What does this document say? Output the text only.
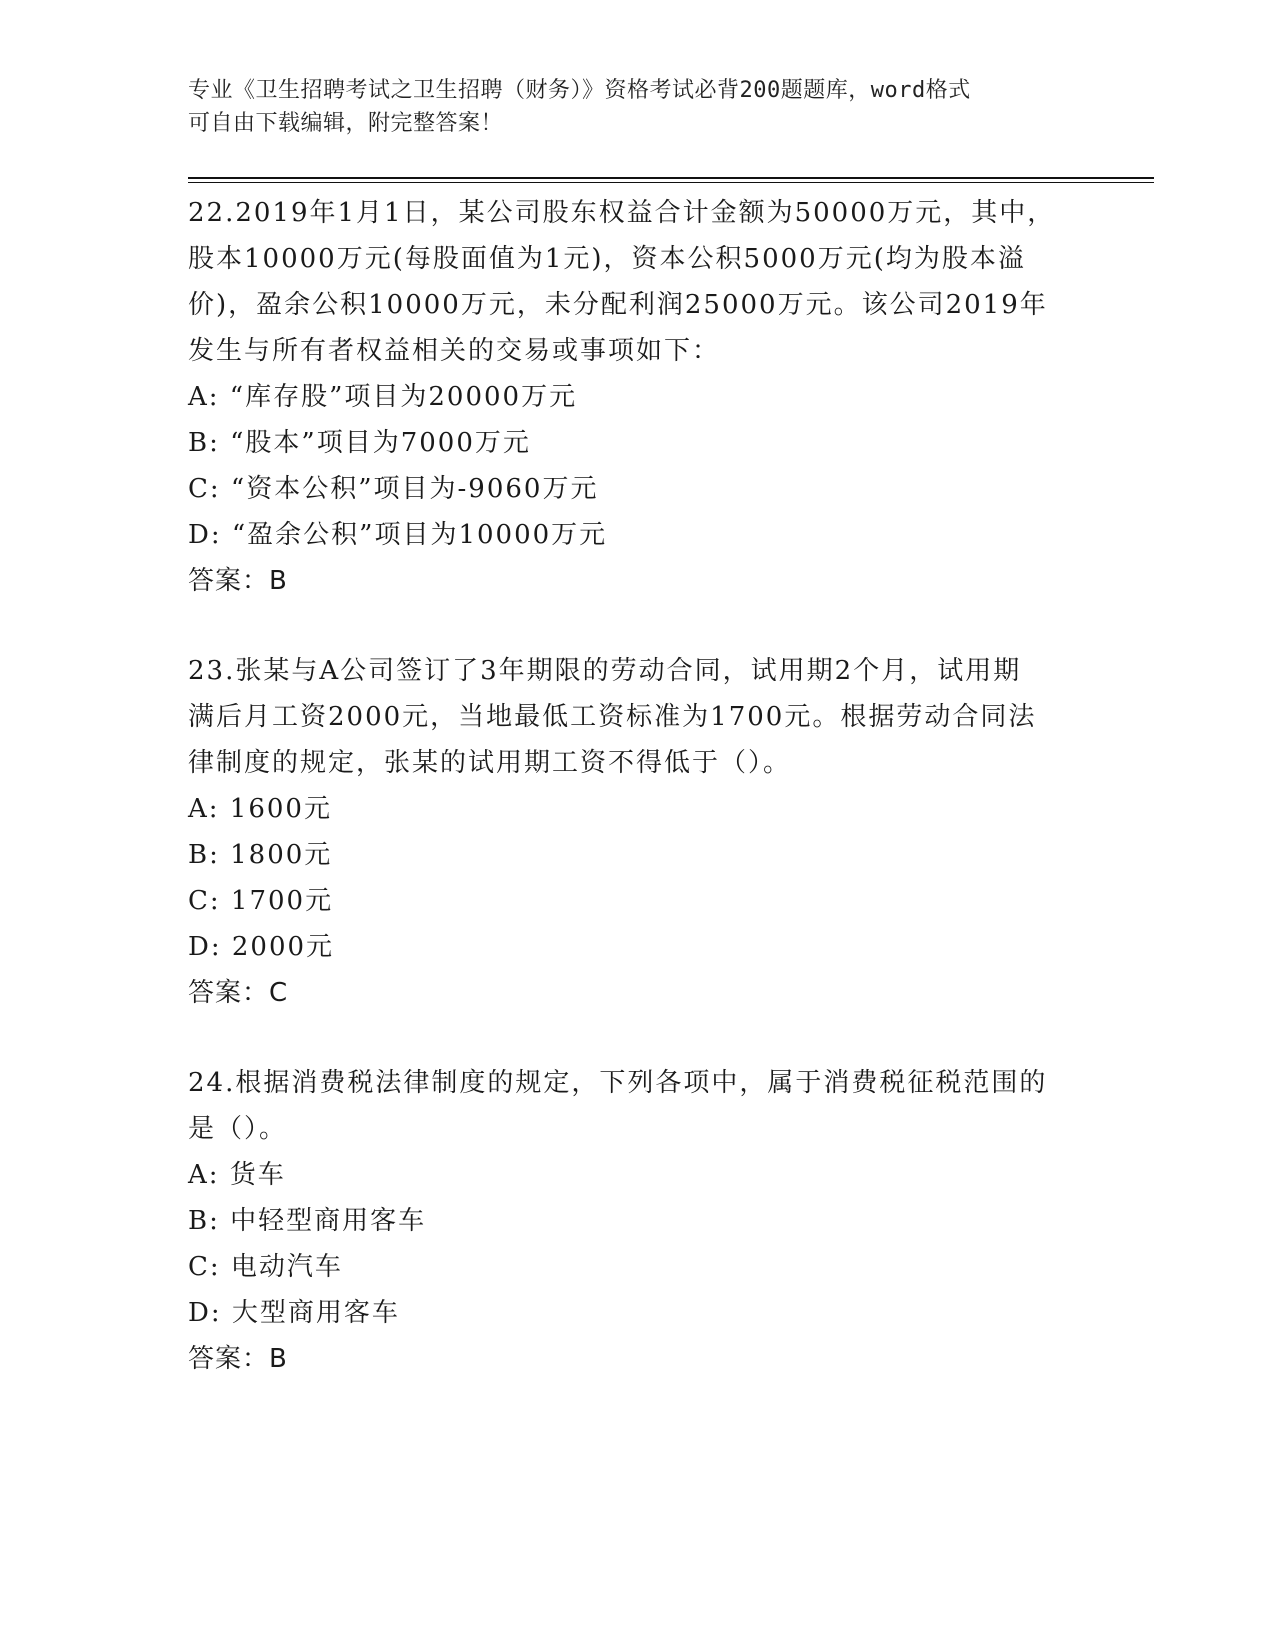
专业《卫生招聘考试之卫生招聘（财务）》资格考试必背200题题库，word格式
可自由下载编辑，附完整答案！
22.2019年1月1日，某公司股东权益合计金额为50000万元，其中，
股本10000万元(每股面值为1元)，资本公积5000万元(均为股本溢
价)，盈余公积10000万元，未分配利润25000万元。该公司2019年
发生与所有者权益相关的交易或事项如下：
A: “库存股”项目为20000万元
B: “股本”项目为7000万元
C: “资本公积”项目为-9060万元
D: “盈余公积”项目为10000万元
答案：B
23.张某与A公司签订了3年期限的劳动合同，试用期2个月，试用期
满后月工资2000元，当地最低工资标准为1700元。根据劳动合同法
律制度的规定，张某的试用期工资不得低于（）。
A: 1600元
B: 1800元
C: 1700元
D: 2000元
答案：C
24.根据消费税法律制度的规定，下列各项中，属于消费税征税范围的
是（）。
A: 货车
B: 中轻型商用客车
C: 电动汽车
D: 大型商用客车
答案：B
